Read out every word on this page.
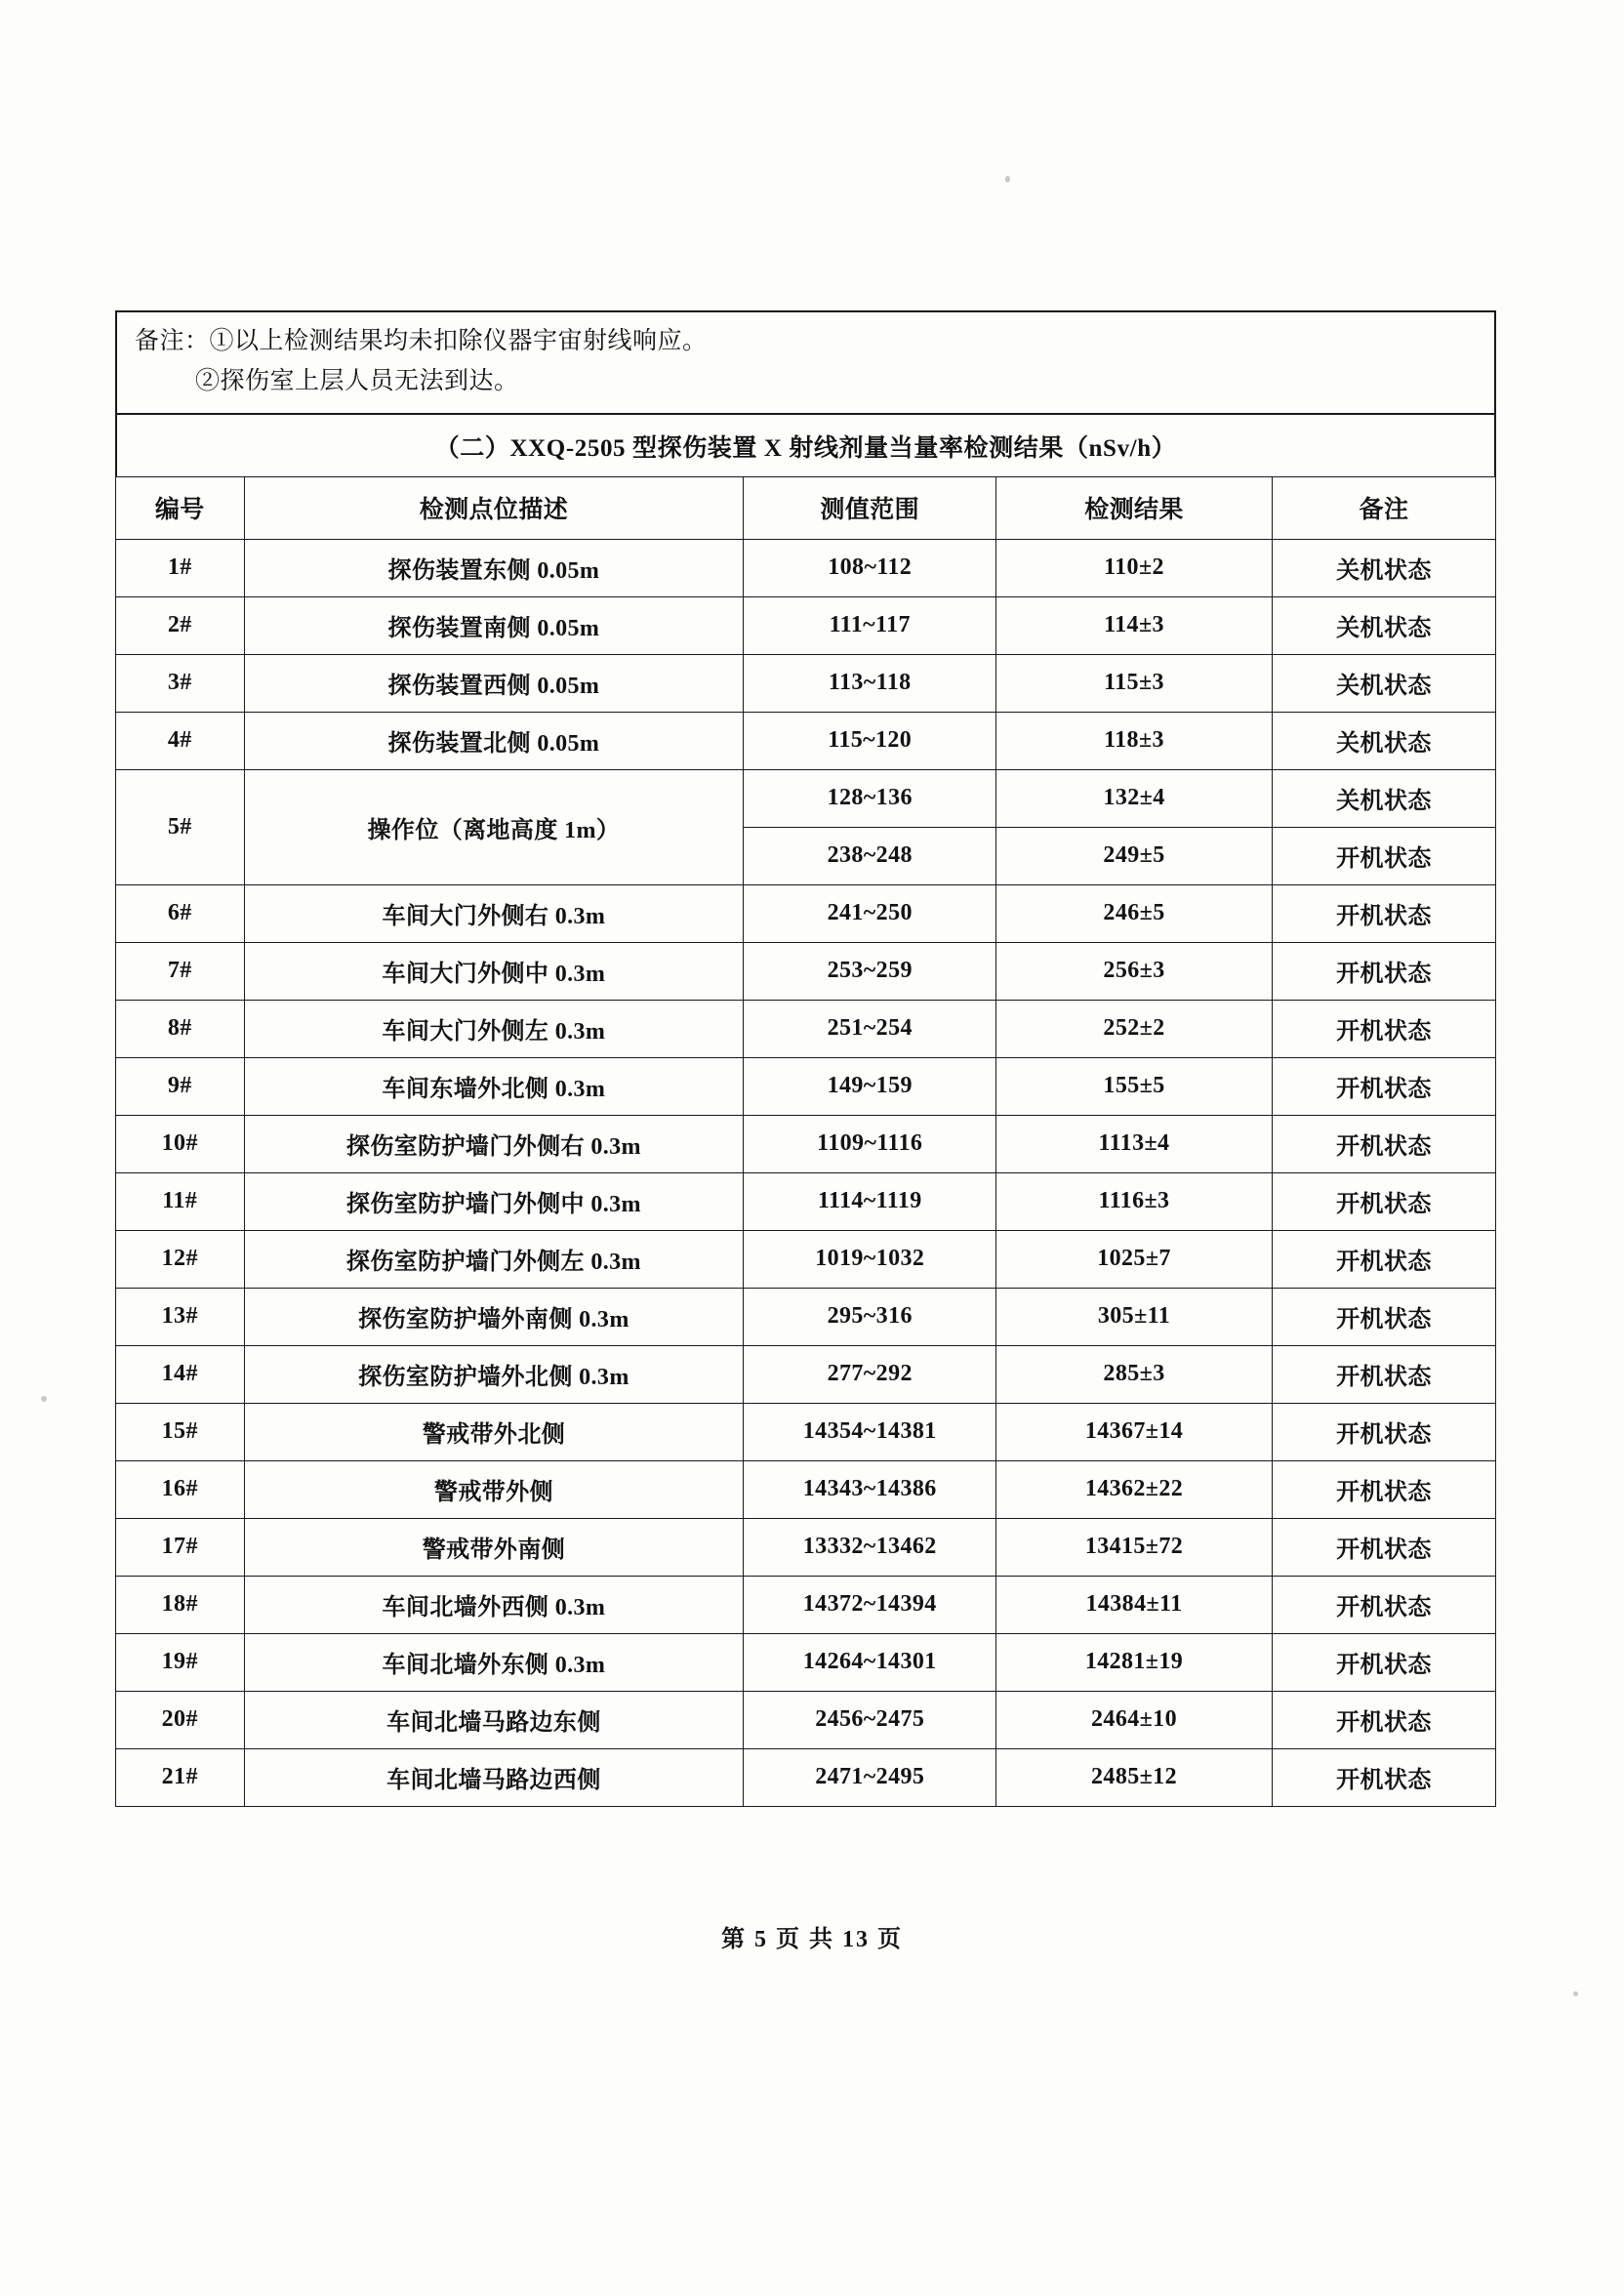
备注：①以上检测结果均未扣除仪器宇宙射线响应。
②探伤室上层人员无法到达。
（二）XXQ-2505 型探伤装置 X 射线剂量当量率检测结果（nSv/h）
编号	检测点位描述	测值范围	检测结果	备注
1#	探伤装置东侧 0.05m	108~112	110±2	关机状态
2#	探伤装置南侧 0.05m	111~117	114±3	关机状态
3#	探伤装置西侧 0.05m	113~118	115±3	关机状态
4#	探伤装置北侧 0.05m	115~120	118±3	关机状态
5#	操作位（离地高度 1m）	128~136	132±4	关机状态
		238~248	249±5	开机状态
6#	车间大门外侧右 0.3m	241~250	246±5	开机状态
7#	车间大门外侧中 0.3m	253~259	256±3	开机状态
8#	车间大门外侧左 0.3m	251~254	252±2	开机状态
9#	车间东墙外北侧 0.3m	149~159	155±5	开机状态
10#	探伤室防护墙门外侧右 0.3m	1109~1116	1113±4	开机状态
11#	探伤室防护墙门外侧中 0.3m	1114~1119	1116±3	开机状态
12#	探伤室防护墙门外侧左 0.3m	1019~1032	1025±7	开机状态
13#	探伤室防护墙外南侧 0.3m	295~316	305±11	开机状态
14#	探伤室防护墙外北侧 0.3m	277~292	285±3	开机状态
15#	警戒带外北侧	14354~14381	14367±14	开机状态
16#	警戒带外侧	14343~14386	14362±22	开机状态
17#	警戒带外南侧	13332~13462	13415±72	开机状态
18#	车间北墙外西侧 0.3m	14372~14394	14384±11	开机状态
19#	车间北墙外东侧 0.3m	14264~14301	14281±19	开机状态
20#	车间北墙马路边东侧	2456~2475	2464±10	开机状态
21#	车间北墙马路边西侧	2471~2495	2485±12	开机状态
第 5 页 共 13 页
